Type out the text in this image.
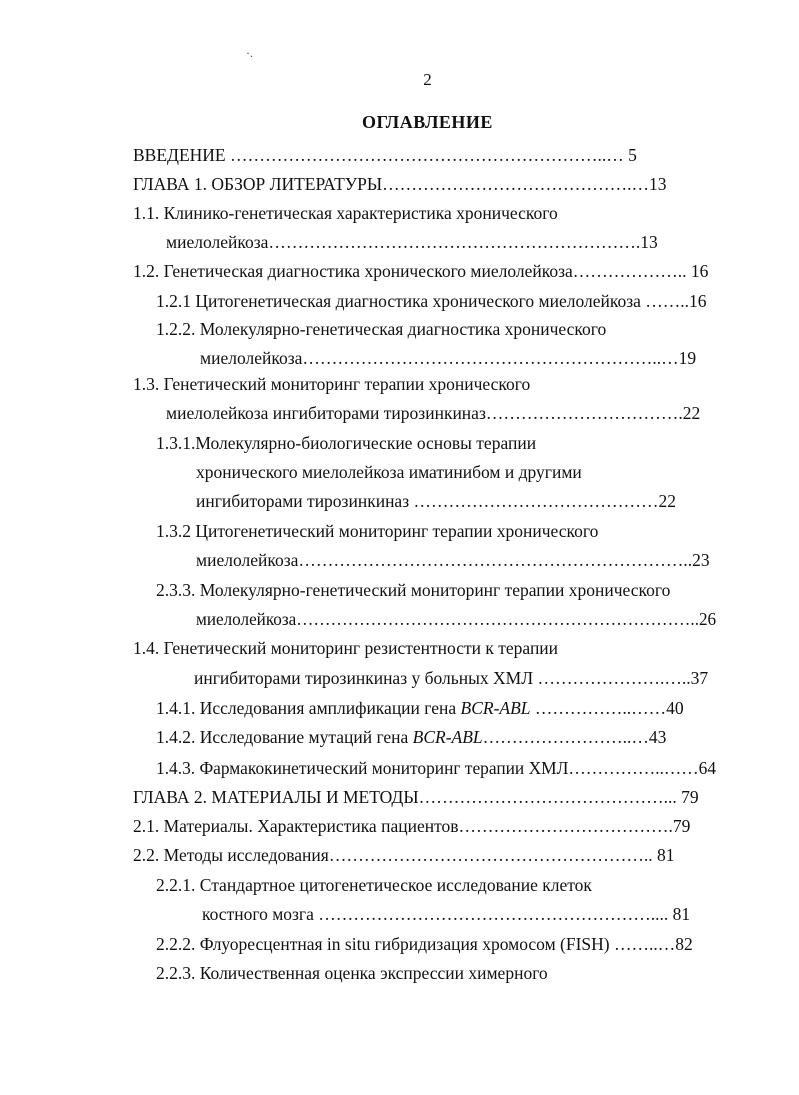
·.
2
ОГЛАВЛЕНИЕ
ВВЕДЕНИЕ ………………………………………………………..… 5
ГЛАВА 1. ОБЗОР ЛИТЕРАТУРЫ…………………………………….…13
1.1. Клинико-генетическая характеристика хронического
миелолейкоза……………………………………………………….13
1.2. Генетическая диагностика хронического миелолейкоза……………….. 16
1.2.1 Цитогенетическая диагностика хронического миелолейкоза ……..16
1.2.2. Молекулярно-генетическая диагностика хронического
миелолейкоза……………………………………………………..…19
1.3. Генетический мониторинг терапии хронического
миелолейкоза ингибиторами тирозинкиназ…………………………….22
1.3.1.Молекулярно-биологические основы терапии
хронического миелолейкоза иматинибом и другими
ингибиторами тирозинкиназ ……………………………………22
1.3.2 Цитогенетический мониторинг терапии хронического
миелолейкоза…………………………………………………………..23
2.3.3. Молекулярно-генетический мониторинг терапии хронического
миелолейкоза……………………………………………………………..26
1.4. Генетический мониторинг резистентности к терапии
ингибиторами тирозинкиназ у больных ХМЛ ………………….…..37
1.4.1. Исследования амплификации гена BCR-ABL ……………..……40
1.4.2. Исследование мутаций гена BCR-ABL……………………..…43
1.4.3. Фармакокинетический мониторинг терапии ХМЛ……………..……64
ГЛАВА 2. МАТЕРИАЛЫ И МЕТОДЫ……………………………………... 79
2.1. Материалы. Характеристика пациентов……………………………….79
2.2. Методы исследования……………………………………………….. 81
2.2.1. Стандартное цитогенетическое исследование клеток
костного мозга ………………………………………………….... 81
2.2.2. Флуоресцентная in situ гибридизация хромосом (FISH) ……..…82
2.2.3. Количественная оценка экспрессии химерного
